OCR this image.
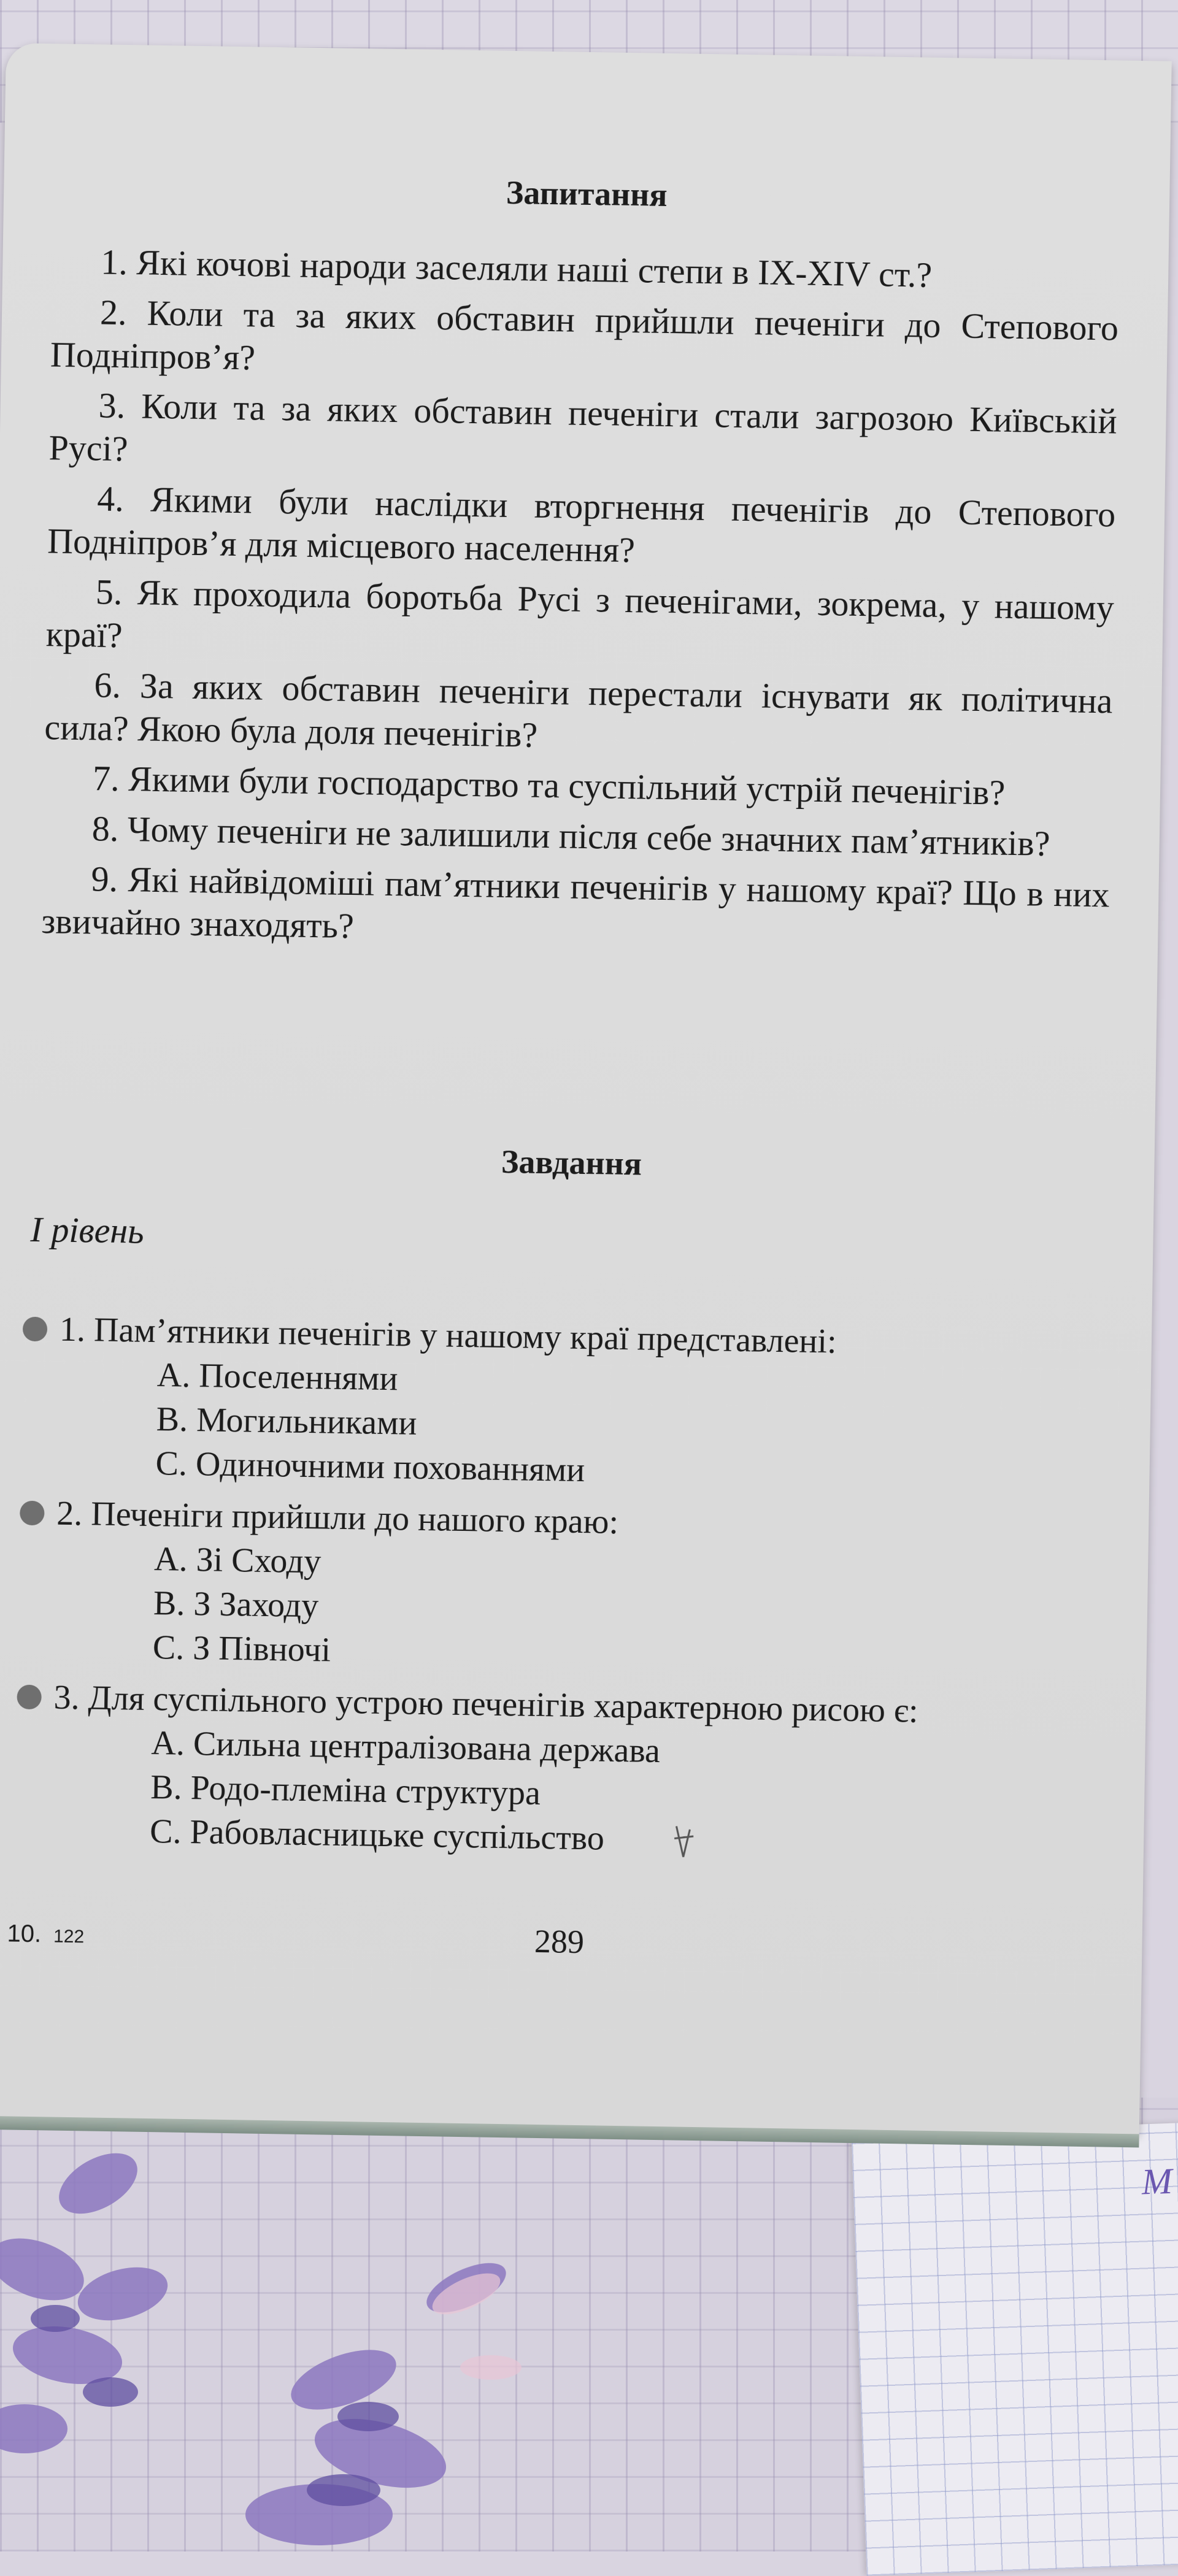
M
Запитання

1. Які кочові народи заселяли наші степи в IX-XIV ст.?

2. Коли та за яких обставин прийшли печеніги до Степового Подніпров’я?

3. Коли та за яких обставин печеніги стали загрозою Київській Русі?

4. Якими були наслідки вторгнення печенігів до Степового Подніпров’я для місцевого населення?

5. Як проходила боротьба Русі з печенігами, зокрема, у нашому краї?

6. За яких обставин печеніги перестали існувати як політична сила? Якою була доля печенігів?

7. Якими були господарство та суспільний устрій печенігів?

8. Чому печеніги не залишили після себе значних пам’ятників?

9. Які найвідоміші пам’ятники печенігів у нашому краї? Що в них звичайно знаходять?

Завдання
I рівень
1. Пам’ятники печенігів у нашому краї представлені:
A. Поселеннями
B. Могильниками
C. Одиночними похованнями
2. Печеніги прийшли до нашого краю:
A. Зі Сходу
B. З Заходу
C. З Півночі
3. Для суспільного устрою печенігів характерною рисою є:
A. Сильна централізована держава
B. Родо-племіна структура
C. Рабовласницьке суспільство
10. 122	289
